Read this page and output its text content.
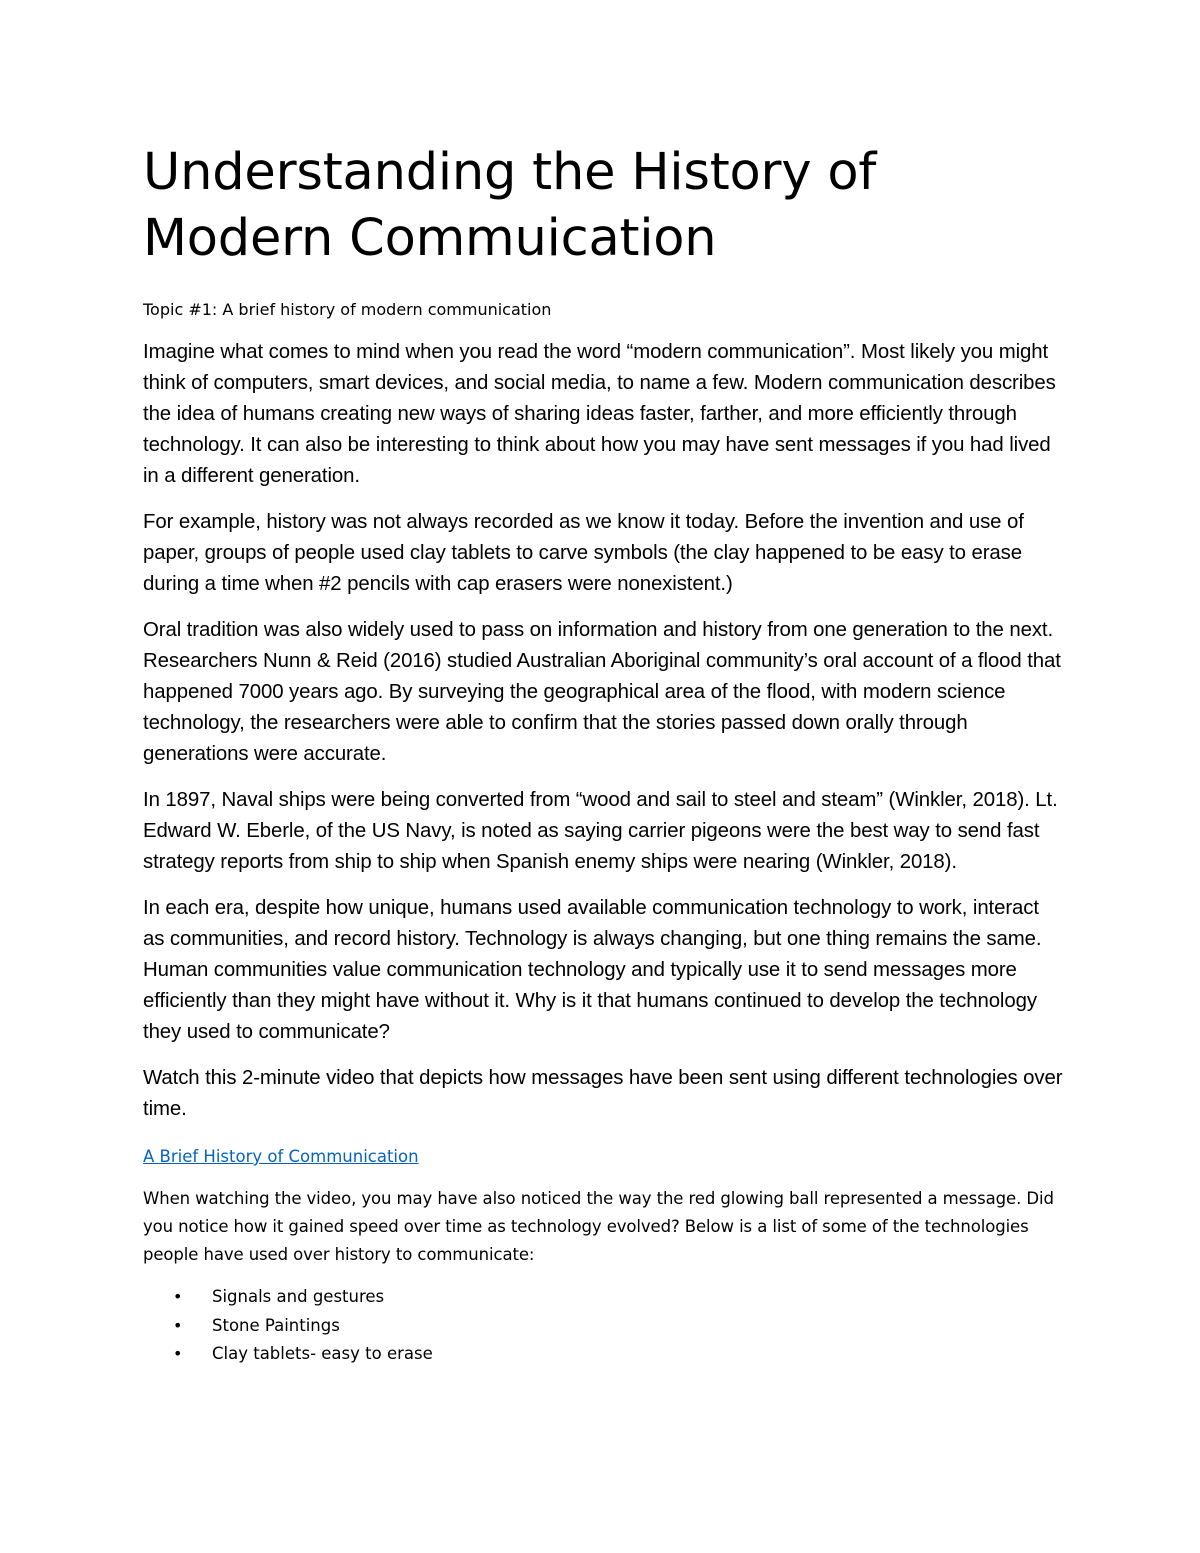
Understanding the History of Modern Commuication

Topic #1: A brief history of modern communication

Imagine what comes to mind when you read the word “modern communication”. Most likely you might think of computers, smart devices, and social media, to name a few. Modern communication describes the idea of humans creating new ways of sharing ideas faster, farther, and more efficiently through technology. It can also be interesting to think about how you may have sent messages if you had lived in a different generation.

For example, history was not always recorded as we know it today. Before the invention and use of paper, groups of people used clay tablets to carve symbols (the clay happened to be easy to erase during a time when #2 pencils with cap erasers were nonexistent.)

Oral tradition was also widely used to pass on information and history from one generation to the next. Researchers Nunn & Reid (2016) studied Australian Aboriginal community’s oral account of a flood that happened 7000 years ago. By surveying the geographical area of the flood, with modern science technology, the researchers were able to confirm that the stories passed down orally through generations were accurate.

In 1897, Naval ships were being converted from “wood and sail to steel and steam” (Winkler, 2018). Lt. Edward W. Eberle, of the US Navy, is noted as saying carrier pigeons were the best way to send fast strategy reports from ship to ship when Spanish enemy ships were nearing (Winkler, 2018).

In each era, despite how unique, humans used available communication technology to work, interact as communities, and record history. Technology is always changing, but one thing remains the same. Human communities value communication technology and typically use it to send messages more efficiently than they might have without it. Why is it that humans continued to develop the technology they used to communicate?

Watch this 2-minute video that depicts how messages have been sent using different technologies over time.

A Brief History of Communication

When watching the video, you may have also noticed the way the red glowing ball represented a message. Did you notice how it gained speed over time as technology evolved? Below is a list of some of the technologies people have used over history to communicate:

• Signals and gestures
• Stone Paintings
• Clay tablets- easy to erase
